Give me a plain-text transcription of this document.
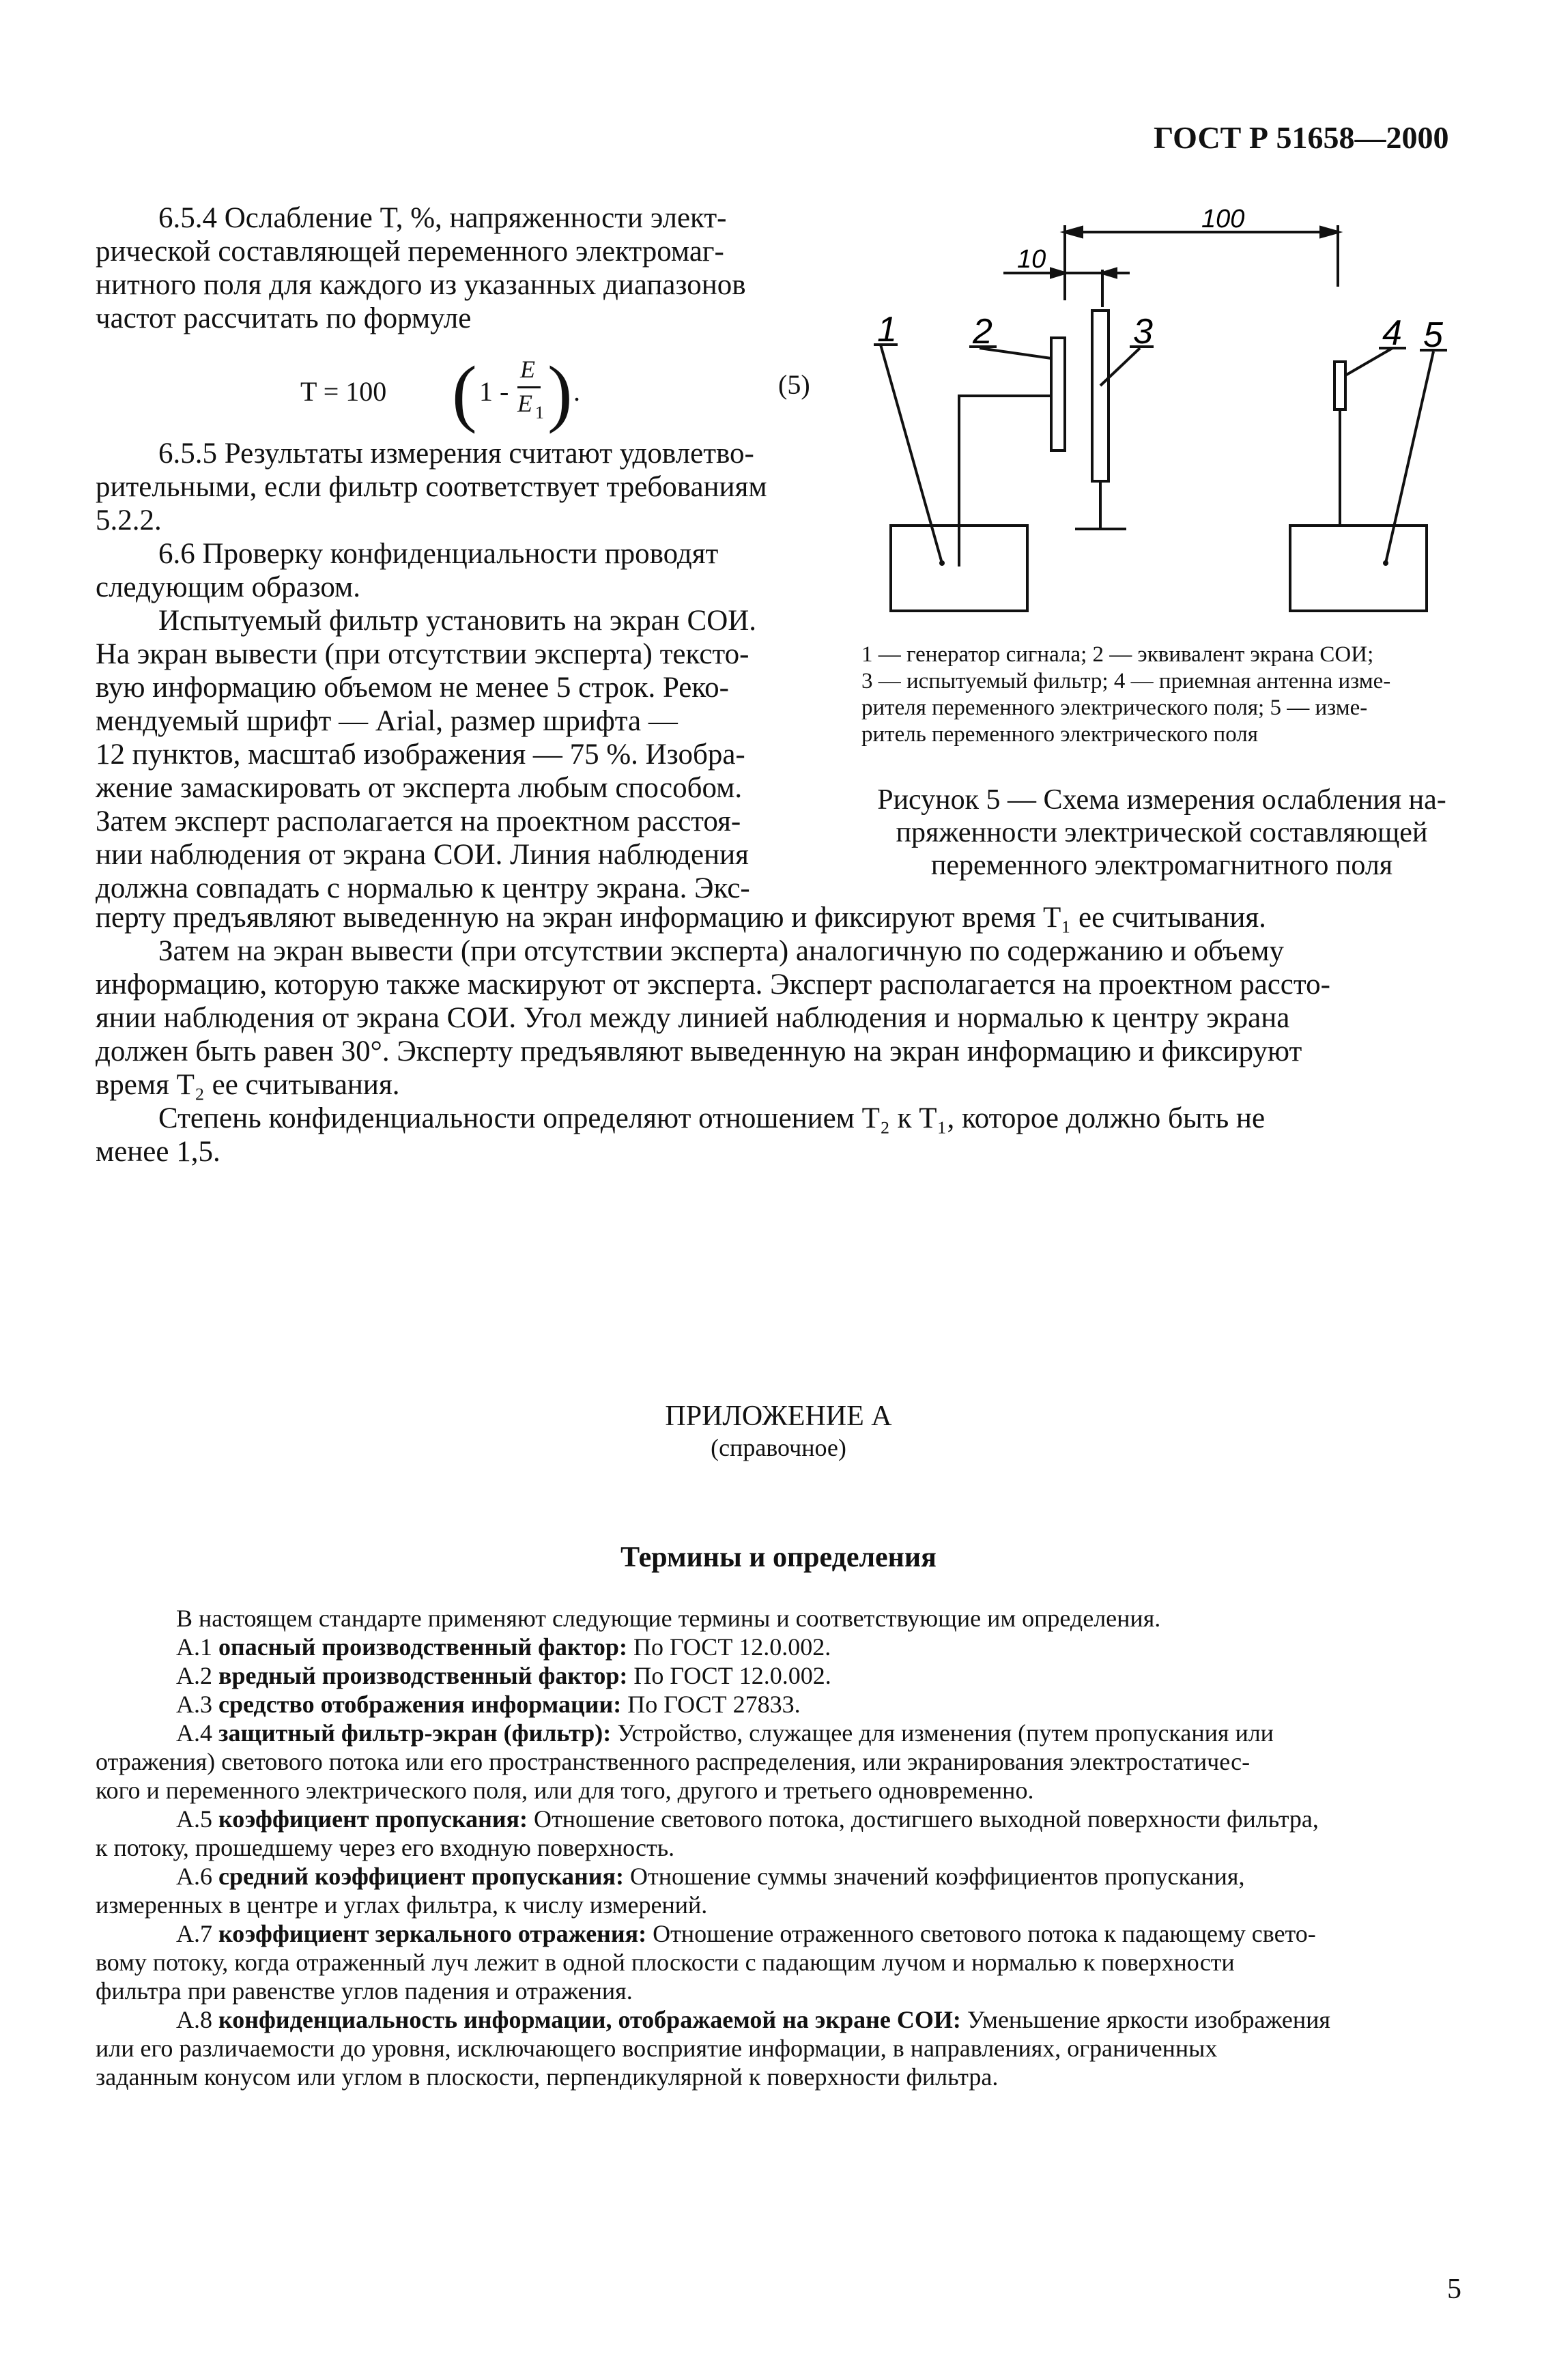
ГОСТ Р 51658—2000

6.5.4 Ослабление T, %, напряженности элект-
рической составляющей переменного электромаг-
нитного поля для каждого из указанных диапазонов
частот рассчитать по формуле

T = 100 ( 1 -
E
E 1 ) .	(5)

6.5.5 Результаты измерения считают удовлетво-
рительными, если фильтр соответствует требованиям
5.2.2.

6.6 Проверку конфиденциальности проводят
следующим образом.

Испытуемый фильтр установить на экран СОИ.
На экран вывести (при отсутствии эксперта) тексто-
вую информацию объемом не менее 5 строк. Реко-
мендуемый шрифт — Arial, размер шрифта —
12 пунктов, масштаб изображения — 75 %. Изобра-
жение замаскировать от эксперта любым способом.
Затем эксперт располагается на проектном расстоя-
нии наблюдения от экрана СОИ. Линия наблюдения
должна совпадать с нормалью к центру экрана. Экс-

100
10
1 2	3	4 5

1 — генератор сигнала; 2 — эквивалент экрана СОИ;
3 — испытуемый фильтр; 4 — приемная антенна изме-
рителя переменного электрического поля; 5 — изме-
ритель переменного электрического поля

Рисунок 5 — Схема измерения ослабления на-
пряженности электрической составляющей
переменного электромагнитного поля

перту предъявляют выведенную на экран информацию и фиксируют время T₁ ее считывания.

Затем на экран вывести (при отсутствии эксперта) аналогичную по содержанию и объему
информацию, которую также маскируют от эксперта. Эксперт располагается на проектном рассто-
янии наблюдения от экрана СОИ. Угол между линией наблюдения и нормалью к центру экрана
должен быть равен 30°. Эксперту предъявляют выведенную на экран информацию и фиксируют
время T₂ ее считывания.

Степень конфиденциальности определяют отношением T₂ к T₁, которое должно быть не
менее 1,5.

ПРИЛОЖЕНИЕ А
(справочное)
Термины и определения

В настоящем стандарте применяют следующие термины и соответствующие им определения.

А.1 опасный производственный фактор: По ГОСТ 12.0.002.

А.2 вредный производственный фактор: По ГОСТ 12.0.002.

А.3 средство отображения информации: По ГОСТ 27833.

А.4 защитный фильтр-экран (фильтр): Устройство, служащее для изменения (путем пропускания или

отражения) светового потока или его пространственного распределения, или экранирования электростатичес-

кого и переменного электрического поля, или для того, другого и третьего одновременно.

А.5 коэффициент пропускания: Отношение светового потока, достигшего выходной поверхности фильтра,

к потоку, прошедшему через его входную поверхность.

А.6 средний коэффициент пропускания: Отношение суммы значений коэффициентов пропускания,

измеренных в центре и углах фильтра, к числу измерений.

А.7 коэффициент зеркального отражения: Отношение отраженного светового потока к падающему свето-

вому потоку, когда отраженный луч лежит в одной плоскости с падающим лучом и нормалью к поверхности

фильтра при равенстве углов падения и отражения.

А.8 конфиденциальность информации, отображаемой на экране СОИ: Уменьшение яркости изображения

или его различаемости до уровня, исключающего восприятие информации, в направлениях, ограниченных

заданным конусом или углом в плоскости, перпендикулярной к поверхности фильтра.

5
